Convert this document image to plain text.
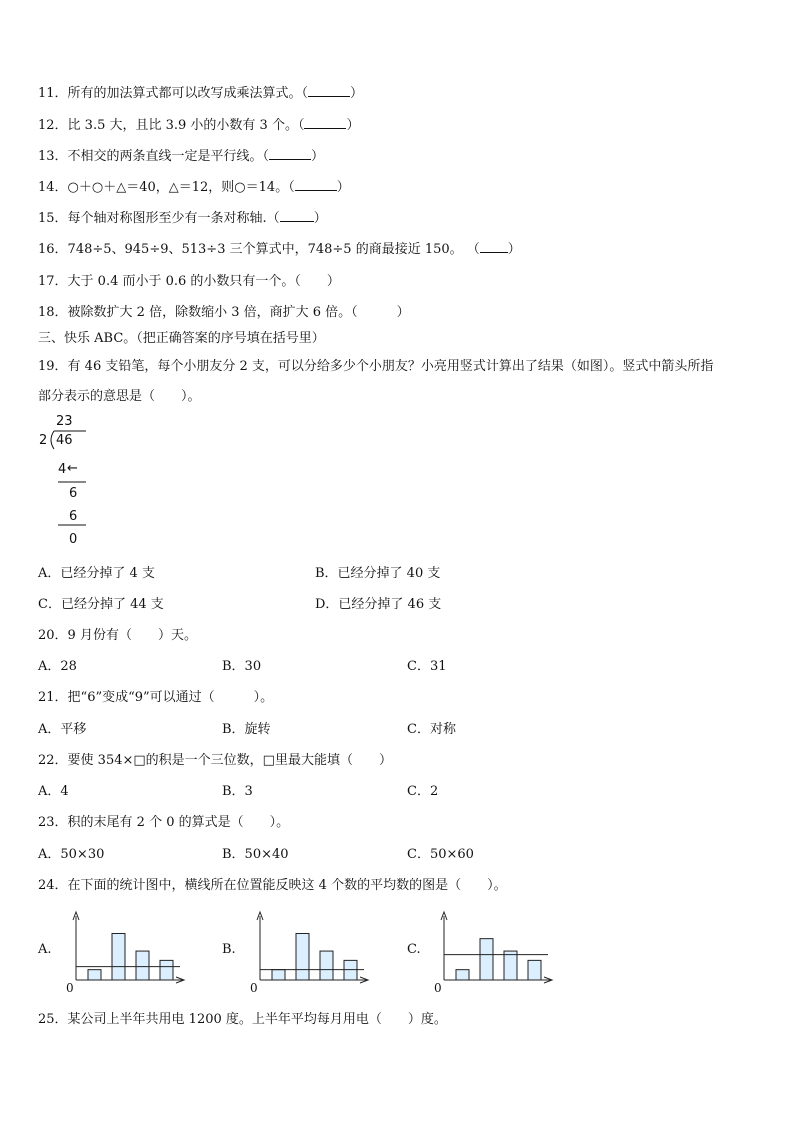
11．所有的加法算式都可以改写成乘法算式。（	）
12．比 3.5 大，且比 3.9 小的小数有 3 个。（	）
13．不相交的两条直线一定是平行线。（	）
14．○＋○＋△＝40，△＝12，则○＝14。（	）
15．每个轴对称图形至少有一条对称轴.（	）
16．748÷5、945÷9、513÷3 三个算式中，748÷5 的商最接近 150。 （ ）
17．大于 0.4 而小于 0.6 的小数只有一个。（　　）
18．被除数扩大 2 倍，除数缩小 3 倍，商扩大 6 倍。（　　　）
三、快乐 ABC。（把正确答案的序号填在括号里）
19．有 46 支铅笔，每个小朋友分 2 支，可以分给多少个小朋友？小亮用竖式计算出了结果（如图）。竖式中箭头所指
部分表示的意思是（　　）。
23
2 46
4 ←
6
6
0
A．已经分掉了 4 支	B．已经分掉了 40 支
C．已经分掉了 44 支	D．已经分掉了 46 支
20．9 月份有（　　）天。
A．28	B．30	C．31
21．把“6”变成“9”可以通过（　　　）。
A．平移	B．旋转	C．对称
22．要使 354×□的积是一个三位数，□里最大能填（　　）
A．4	B．3	C．2
23．积的末尾有 2 个 0 的算式是（　　）。
A．50×30	B．50×40	C．50×60
24．在下面的统计图中，横线所在位置能反映这 4 个数的平均数的图是（　　）。
A.	B.	C.
0	0	0
25．某公司上半年共用电 1200 度。上半年平均每月用电（　　）度。
